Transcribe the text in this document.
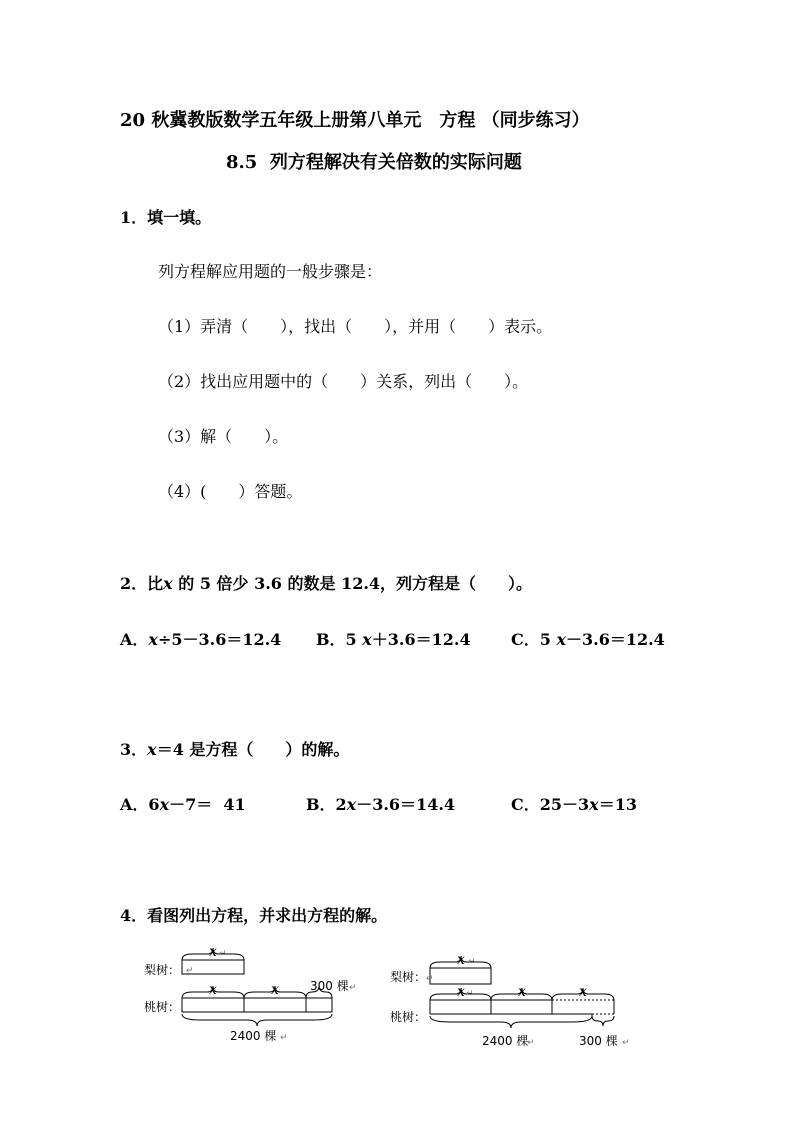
20 秋冀教版数学五年级上册第八单元　方程 （同步练习）
8.5  列方程解决有关倍数的实际问题
1．填一填。
列方程解应用题的一般步骤是：
（1）弄清（　　），找出（　　），并用（　　）表示。
（2）找出应用题中的（　　）关系，列出（　　）。
（3）解（　　）。
（4）(　　）答题。
2．比x 的 5 倍少 3.6 的数是 12.4，列方程是（　　）。
A．x÷5－3.6＝12.4 B．5 x＋3.6＝12.4	C．5 x－3.6＝12.4
3．x＝4 是方程（　　）的解。
A．6x－7＝  41	B．2x－3.6＝14.4	C．25－3x＝13
4．看图列出方程，并求出方程的解。
梨树：
桃树：
x
x	x	300 棵
2400 棵
↵
↵
↵
↵
梨树：
桃树：
x
x	x	x
2400 棵	300 棵
↵
↵
↵
↵	↵
